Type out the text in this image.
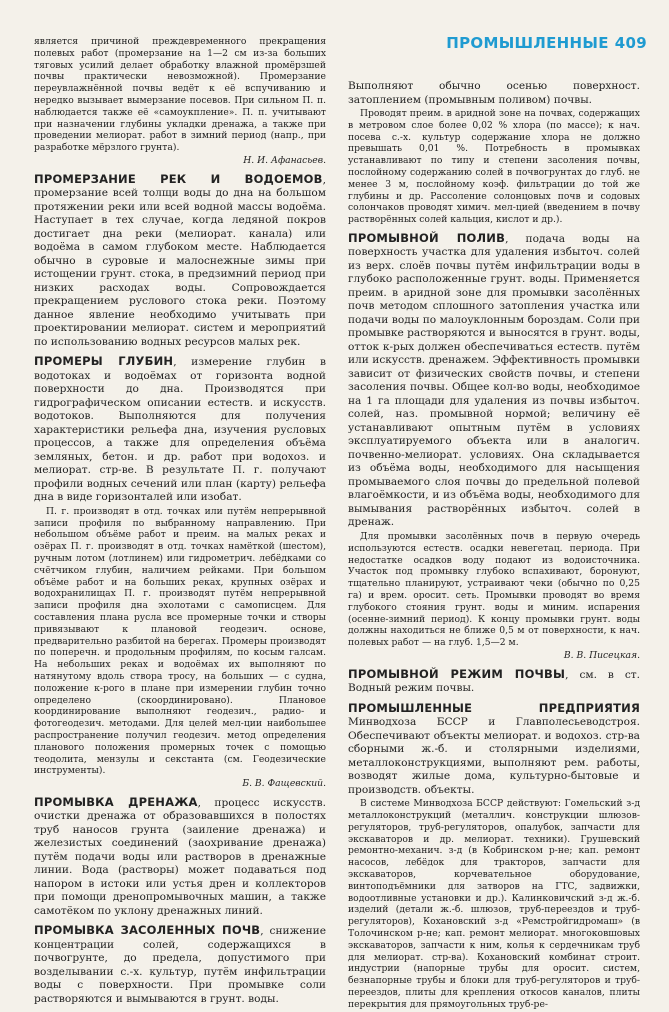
ПРОМЫШЛЕННЫЕ 409

является причиной преждевременного прекращения полевых работ (промерзание на 1—2 см из-за больших тяговых усилий делает обработку влажной промёрзшей почвы практически невозможной). Промерзание переувлажнённой почвы ведёт к её вспучиванию и нередко вызывает вымерзание посевов. При сильном П. п. наблюдается также её «самоукпление». П. п. учитывают при назначении глубины укладки дренажа, а также при проведении мелиорат. работ в зимний период (напр., при разработке мёрзлого грунта).

Н. И. Афанасьев.

ПРОМЕРЗАНИЕ РЕК И ВОДОЕМОВ, промерзание всей толщи воды до дна на большом протяжении реки или всей водной массы водоёма. Наступает в тех случае, когда ледяной покров достигает дна реки (мелиорат. канала) или водоёма в самом глубоком месте. Наблюдается обычно в суровые и малоснежные зимы при истощении грунт. стока, в предзимний период при низких расходах воды. Сопровождается прекращением руслового стока реки. Поэтому данное явление необходимо учитывать при проектировании мелиорат. систем и мероприятий по использованию водных ресурсов малых рек.

ПРОМЕРЫ ГЛУБИН, измерение глубин в водотоках и водоёмах от горизонта водной поверхности до дна. Производятся при гидрографическом описании естеств. и искусств. водотоков. Выполняются для получения характеристики рельефа дна, изучения русловых процессов, а также для определения объёма земляных, бетон. и др. работ при водохоз. и мелиорат. стр-ве. В результате П. г. получают профили водных сечений или план (карту) рельефа дна в виде горизонталей или изобат.

П. г. производят в отд. точках или путём непрерывной записи профиля по выбранному направлению. При небольшом объёме работ и преим. на малых реках и озёрах П. г. производят в отд. точках намёткой (шестом), ручным лотом (лотлинем) или гидрометрич. лебёдками со счётчиком глубин, наличием рейками. При большом объёме работ и на больших реках, крупных озёрах и водохранилищах П. г. производят путём непрерывной записи профиля дна эхолотами с самописцем. Для составления плана русла все промерные точки и створы привязывают к плановой геодезич. основе, предварительно разбитой на берегах. Промеры производят по поперечн. и продольным профилям, по косым галсам. На небольших реках и водоёмах их выполняют по натянутому вдоль створа тросу, на больших — с судна, положение к-рого в плане при измерении глубин точно определено (скоординировано). Плановое координирование выполняют геодезич., радио- и фотогеодезич. методами. Для целей мел-ции наибольшее распространение получил геодезич. метод определения планового положения промерных точек с помощью теодолита, мензулы и секстанта (см. Геодезические инструменты).

Б. В. Фащевский.

ПРОМЫВКА ДРЕНАЖА, процесс искусств. очистки дренажа от образовавшихся в полостях труб наносов грунта (заиление дренажа) и железистых соединений (заохривание дренажа) путём подачи воды или растворов в дренажные линии. Вода (растворы) может подаваться под напором в истоки или устья дрен и коллекторов при помощи дренопромывочных машин, а также самотёком по уклону дренажных линий.

ПРОМЫВКА ЗАСОЛЕННЫХ ПОЧВ, снижение концентрации солей, содержащихся в почвогрунте, до предела, допустимого при возделывании с.-х. культур, путём инфильтрации воды с поверхности. При промывке соли растворяются и вымываются в грунт. воды.

Выполняют обычно осенью поверхност. затоплением (промывным поливом) почвы.

Проводят преим. в аридной зоне на почвах, содержащих в метровом слое более 0,02 % хлора (по массе); к нач. посева с.-х. культур содержание хлора не должно превышать 0,01 %. Потребность в промывках устанавливают по типу и степени засоления почвы, послойному содержанию солей в почвогрунтах до глуб. не менее 3 м, послойному коэф. фильтрации до той же глубины и др. Рассоление солонцовых почв и содовых солончаков проводят химич. мел-цией (введением в почву растворённых солей кальция, кислот и др.).

ПРОМЫВНОЙ ПОЛИВ, подача воды на поверхность участка для удаления избыточ. солей из верх. слоёв почвы путём инфильтрации воды в глубоко расположенные грунт. воды. Применяется преим. в аридной зоне для промывки засолённых почв методом сплошного затопления участка или подачи воды по малоуклонным бороздам. Соли при промывке растворяются и выносятся в грунт. воды, отток к-рых должен обеспечиваться естеств. путём или искусств. дренажем. Эффективность промывки зависит от физических свойств почвы, и степени засоления почвы. Общее кол-во воды, необходимое на 1 га площади для удаления из почвы избыточ. солей, наз. промывной нормой; величину её устанавливают опытным путём в условиях эксплуатируемого объекта или в аналогич. почвенно-мелиорат. условиях. Она складывается из объёма воды, необходимого для насыщения промываемого слоя почвы до предельной полевой влагоёмкости, и из объёма воды, необходимого для вымывания растворённых избыточ. солей в дренаж.

Для промывки засолённых почв в первую очередь используются естеств. осадки невегетац. периода. При недостатке осадков воду подают из водоисточника. Участок под промывку глубоко вспахивают, боронуют, тщательно планируют, устраивают чеки (обычно по 0,25 га) и врем. оросит. сеть. Промывки проводят во время глубокого стояния грунт. воды и миним. испарения (осенне-зимний период). К концу промывки грунт. воды должны находиться не ближе 0,5 м от поверхности, к нач. полевых работ — на глуб. 1,5—2 м.

В. В. Писецкая.

ПРОМЫВНОЙ РЕЖИМ ПОЧВЫ, см. в ст. Водный режим почвы.

ПРОМЫШЛЕННЫЕ ПРЕДПРИЯТИЯ Минводхоза БССР и Главполесьеводстроя. Обеспечивают объекты мелиорат. и водохоз. стр-ва сборными ж.-б. и столярными изделиями, металлоконструкциями, выполняют рем. работы, возводят жилые дома, культурно-бытовые и производств. объекты.

В системе Минводхоза БССР действуют: Гомельский з-д металлоконструкций (металлич. конструкции шлюзов-регуляторов, труб-регуляторов, опалубок, запчасти для экскаваторов и др. мелиорат. техники). Грушевский ремонтно-механич. з-д (в Кобринском р-не; кап. ремонт насосов, лебёдок для тракторов, запчасти для экскаваторов, корчевательное оборудование, винтоподъёмники для затворов на ГТС, задвижки, водоотливные установки и др.). Калинковичский з-д ж.-б. изделий (детали ж.-б. шлюзов, труб-переездов и труб-регуляторов), Кохановский з-д «Ремстройгидромаш» (в Толочинском р-не; кап. ремонт мелиорат. многоковшовых экскаваторов, запчасти к ним, колья к сердечникам труб для мелиорат. стр-ва). Кохановский комбинат строит. индустрии (напорные трубы для оросит. систем, безнапорные трубы и блоки для труб-регуляторов и труб-переездов, плиты для крепления откосов каналов, плиты перекрытия для прямоугольных труб-ре-
